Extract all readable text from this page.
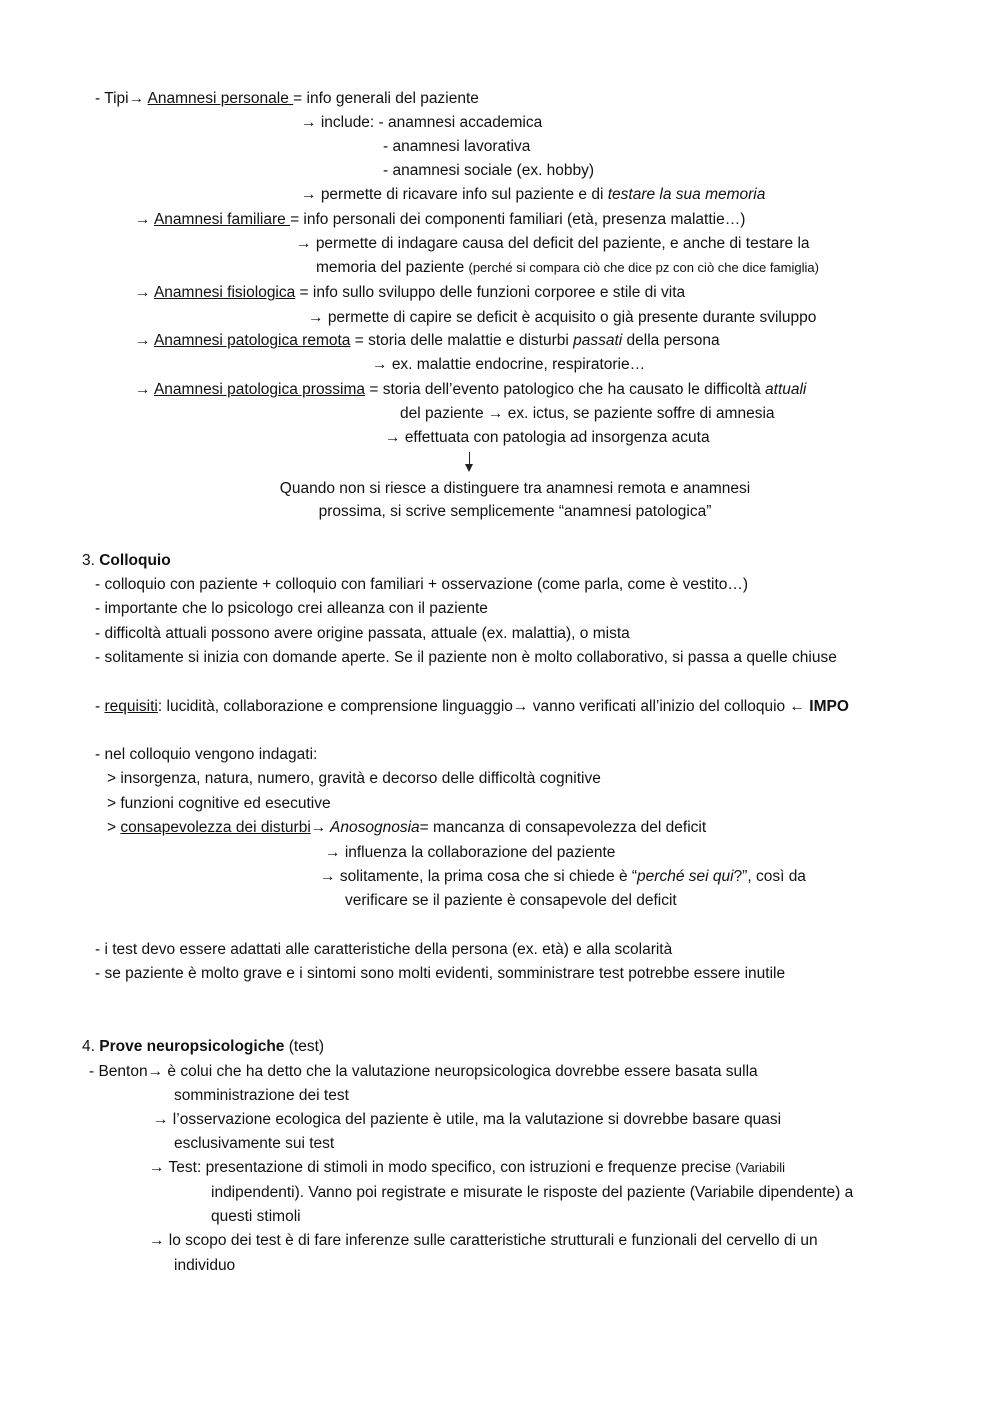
- Tipi→ Anamnesi personale = info generali del paziente
→ include: - anamnesi accademica
- anamnesi lavorativa
- anamnesi sociale (ex. hobby)
→ permette di ricavare info sul paziente e di testare la sua memoria
→ Anamnesi familiare = info personali dei componenti familiari (età, presenza malattie…)
→ permette di indagare causa del deficit del paziente, e anche di testare la
memoria del paziente (perché si compara ciò che dice pz con ciò che dice famiglia)
→ Anamnesi fisiologica = info sullo sviluppo delle funzioni corporee e stile di vita
→ permette di capire se deficit è acquisito o già presente durante sviluppo
→ Anamnesi patologica remota = storia delle malattie e disturbi passati della persona
→ ex. malattie endocrine, respiratorie…
→ Anamnesi patologica prossima = storia dell’evento patologico che ha causato le difficoltà attuali
del paziente → ex. ictus, se paziente soffre di amnesia
→ effettuata con patologia ad insorgenza acuta
Quando non si riesce a distinguere tra anamnesi remota e anamnesi
prossima, si scrive semplicemente “anamnesi patologica”
3. Colloquio
- colloquio con paziente + colloquio con familiari + osservazione (come parla, come è vestito…)
- importante che lo psicologo crei alleanza con il paziente
- difficoltà attuali possono avere origine passata, attuale (ex. malattia), o mista
- solitamente si inizia con domande aperte. Se il paziente non è molto collaborativo, si passa a quelle chiuse
- requisiti: lucidità, collaborazione e comprensione linguaggio→ vanno verificati all’inizio del colloquio ← IMPO
- nel colloquio vengono indagati:
> insorgenza, natura, numero, gravità e decorso delle difficoltà cognitive
> funzioni cognitive ed esecutive
> consapevolezza dei disturbi→ Anosognosia= mancanza di consapevolezza del deficit
→ influenza la collaborazione del paziente
→ solitamente, la prima cosa che si chiede è “perché sei qui?”, così da
verificare se il paziente è consapevole del deficit
- i test devo essere adattati alle caratteristiche della persona (ex. età) e alla scolarità
- se paziente è molto grave e i sintomi sono molti evidenti, somministrare test potrebbe essere inutile
4. Prove neuropsicologiche (test)
- Benton→ è colui che ha detto che la valutazione neuropsicologica dovrebbe essere basata sulla
somministrazione dei test
→ l’osservazione ecologica del paziente è utile, ma la valutazione si dovrebbe basare quasi
esclusivamente sui test
→ Test: presentazione di stimoli in modo specifico, con istruzioni e frequenze precise (Variabili
indipendenti). Vanno poi registrate e misurate le risposte del paziente (Variabile dipendente) a
questi stimoli
→ lo scopo dei test è di fare inferenze sulle caratteristiche strutturali e funzionali del cervello di un
individuo
